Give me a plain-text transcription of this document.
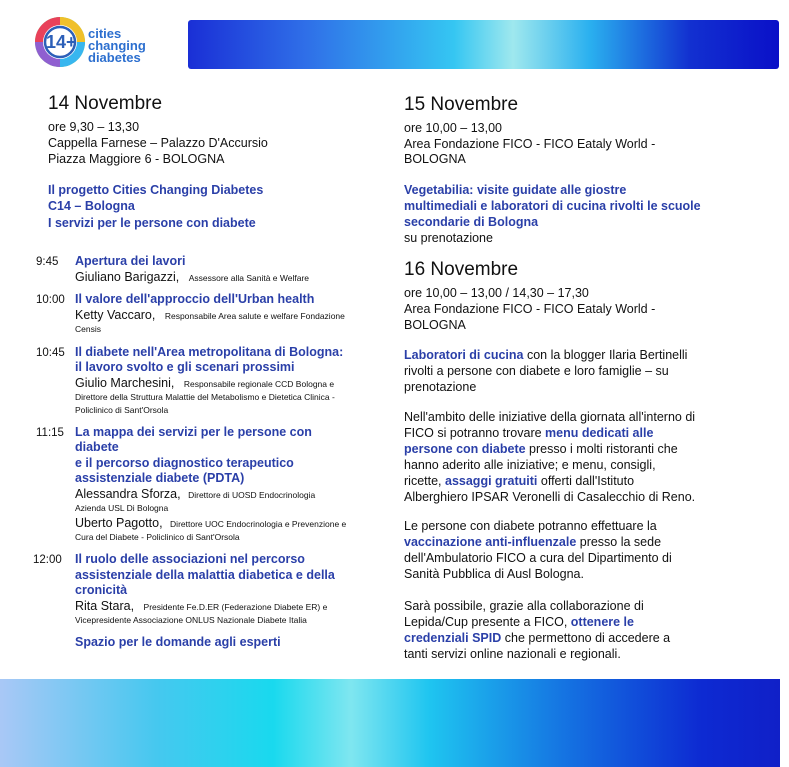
14+ cities
changing
diabetes
14 Novembre
ore 9,30 – 13,30
Cappella Farnese – Palazzo D'Accursio
Piazza Maggiore 6 - BOLOGNA
Il progetto Cities Changing Diabetes
C14 – Bologna
I servizi per le persone con diabete
9:45 Apertura dei lavori
Giuliano Barigazzi, Assessore alla Sanità e Welfare
10:00 Il valore dell'approccio dell'Urban health
Ketty Vaccaro, Responsabile Area salute e welfare Fondazione
Censis
10:45 Il diabete nell'Area metropolitana di Bologna:
il lavoro svolto e gli scenari prossimi
Giulio Marchesini, Responsabile regionale CCD Bologna e
Direttore della Struttura Malattie del Metabolismo e Dietetica Clinica -
Policlinico di Sant'Orsola
11:15 La mappa dei servizi per le persone con
diabete
e il percorso diagnostico terapeutico
assistenziale diabete (PDTA)
Alessandra Sforza, Direttore di UOSD Endocrinologia
Azienda USL Di Bologna
Uberto Pagotto, Direttore UOC Endocrinologia e Prevenzione e
Cura del Diabete - Policlinico di Sant'Orsola
12:00 Il ruolo delle associazioni nel percorso
assistenziale della malattia diabetica e della
cronicità
Rita Stara, Presidente Fe.D.ER (Federazione Diabete ER) e
Vicepresidente Associazione ONLUS Nazionale Diabete Italia
Spazio per le domande agli esperti
15 Novembre
ore 10,00 – 13,00
Area Fondazione FICO - FICO Eataly World -
BOLOGNA
Vegetabilia: visite guidate alle giostre
multimediali e laboratori di cucina rivolti le scuole
secondarie di Bologna
su prenotazione
16 Novembre
ore 10,00 – 13,00 / 14,30 – 17,30
Area Fondazione FICO - FICO Eataly World -
BOLOGNA
Laboratori di cucina con la blogger Ilaria Bertinelli
rivolti a persone con diabete e loro famiglie – su
prenotazione
Nell'ambito delle iniziative della giornata all'interno di
FICO si potranno trovare menu dedicati alle
persone con diabete presso i molti ristoranti che
hanno aderito alle iniziative; e menu, consigli,
ricette, assaggi gratuiti offerti dall'Istituto
Alberghiero IPSAR Veronelli di Casalecchio di Reno.
Le persone con diabete potranno effettuare la
vaccinazione anti-influenzale presso la sede
dell'Ambulatorio FICO a cura del Dipartimento di
Sanità Pubblica di Ausl Bologna.
Sarà possibile, grazie alla collaborazione di
Lepida/Cup presente a FICO, ottenere le
credenziali SPID che permettono di accedere a
tanti servizi online nazionali e regionali.
